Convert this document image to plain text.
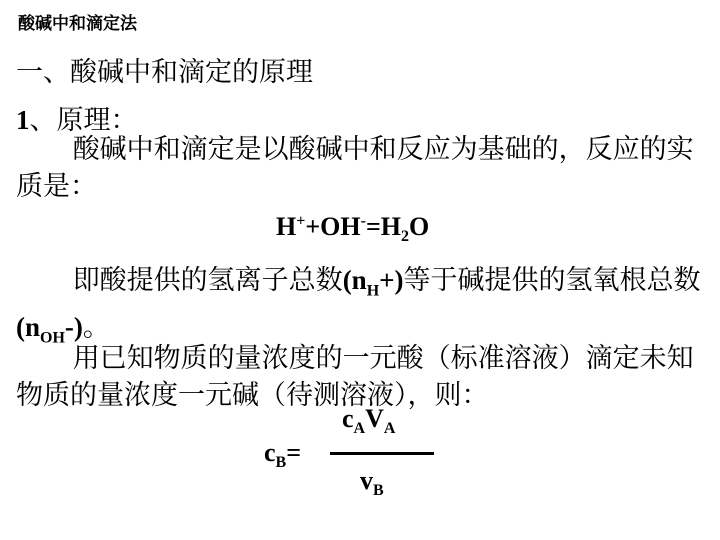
酸碱中和滴定法
一、酸碱中和滴定的原理
1、原理：
酸碱中和滴定是以酸碱中和反应为基础的，反应的实质是：
$H^++OH^-=H_2O$
即酸提供的氢离子总数$(n_H+)$等于碱提供的氢氧根总数$(n_{OH}-)$。
用已知物质的量浓度的一元酸（标准溶液）滴定未知物质的量浓度一元碱（待测溶液），则：
$c_AV_A$
$c_B=$
$v_B$
